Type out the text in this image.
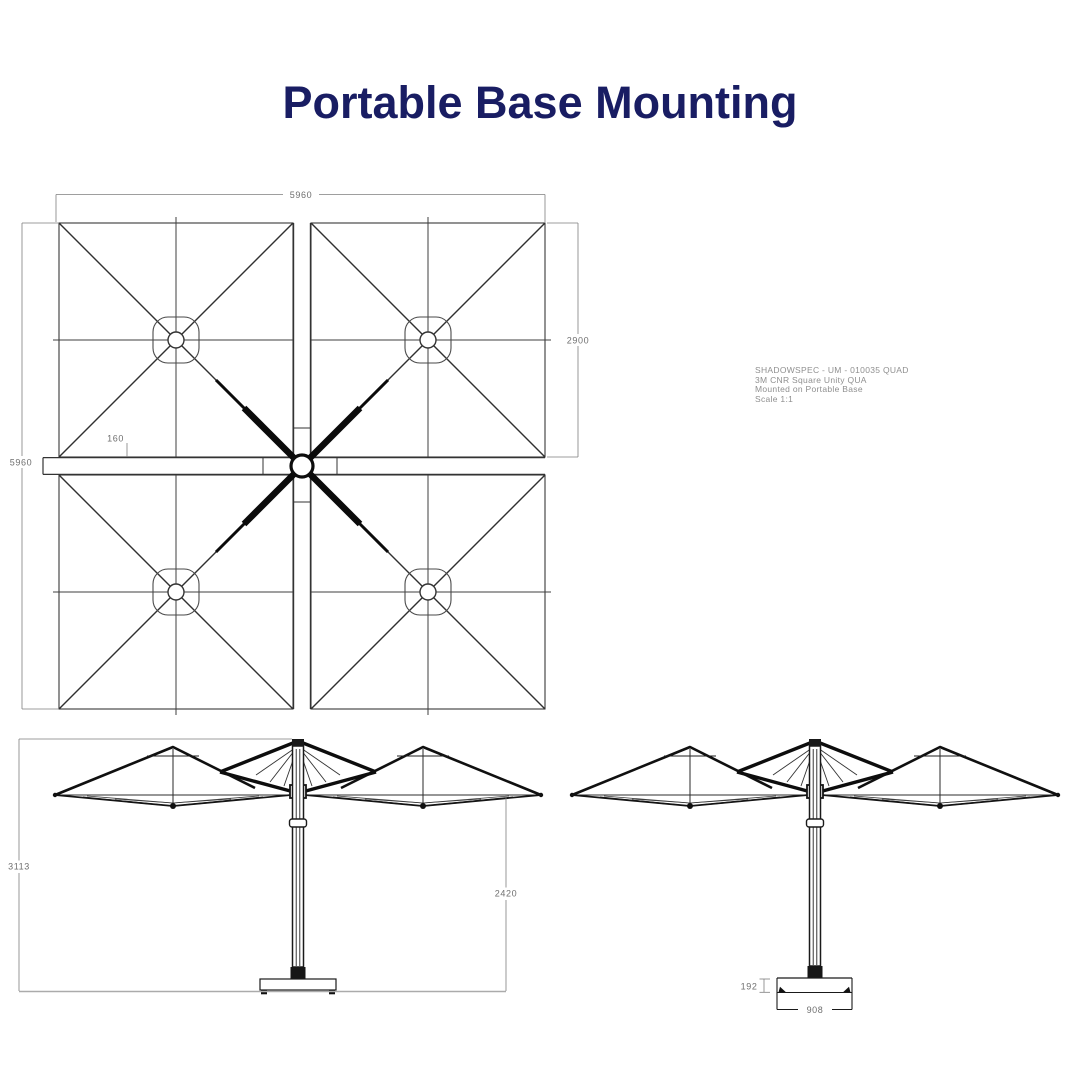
Portable Base Mounting
SHADOWSPEC - UM - 010035 QUAD
3M CNR Square Unity QUA
Mounted on Portable Base
Scale 1:1
5960
2900
5960
160
3113
2420
192
908
